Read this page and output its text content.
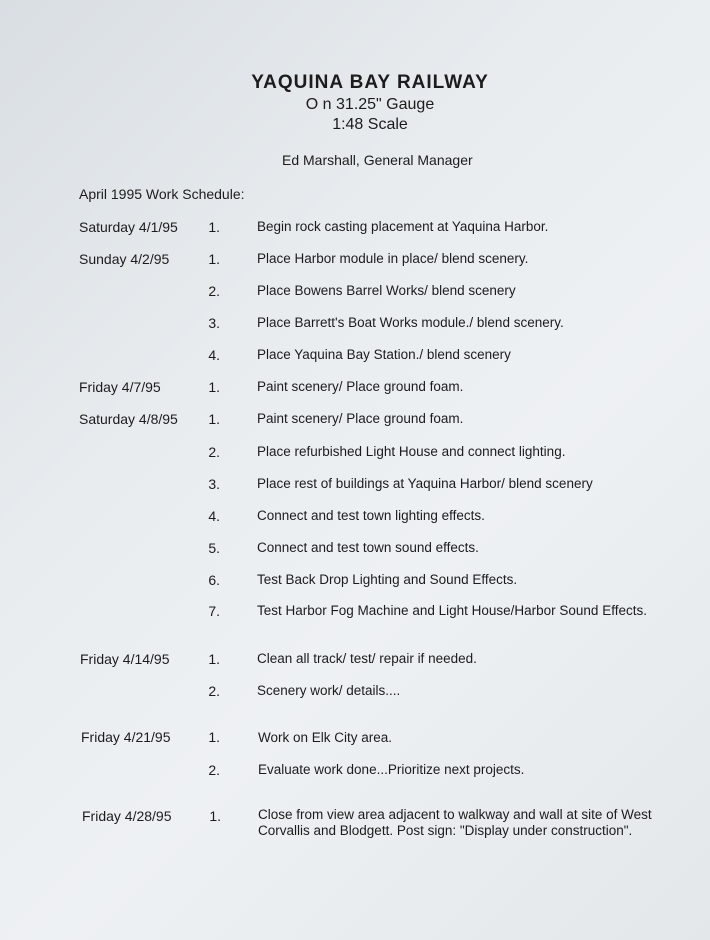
YAQUINA BAY RAILWAY
O n 31.25" Gauge
1:48 Scale
Ed Marshall, General Manager
April 1995 Work Schedule:
Saturday 4/1/95	1.	Begin rock casting placement at Yaquina Harbor.
Sunday 4/2/95	1.	Place Harbor module in place/ blend scenery.
2.	Place Bowens Barrel Works/ blend scenery
3.	Place Barrett's Boat Works module./ blend scenery.
4.	Place Yaquina Bay Station./ blend scenery
Friday 4/7/95	1.	Paint scenery/ Place ground foam.
Saturday 4/8/95	1.	Paint scenery/ Place ground foam.
2.	Place refurbished Light House and connect lighting.
3.	Place rest of buildings at Yaquina Harbor/ blend scenery
4.	Connect and test town lighting effects.
5.	Connect and test town sound effects.
6.	Test Back Drop Lighting and Sound Effects.
7.	Test Harbor Fog Machine and Light House/Harbor Sound Effects.
Friday 4/14/95	1.	Clean all track/ test/ repair if needed.
2.	Scenery work/ details....
Friday 4/21/95	1.	Work on Elk City area.
2.	Evaluate work done...Prioritize next projects.
Friday 4/28/95	1.	Close from view area adjacent to walkway and wall at site of West Corvallis and Blodgett. Post sign: "Display under construction".
